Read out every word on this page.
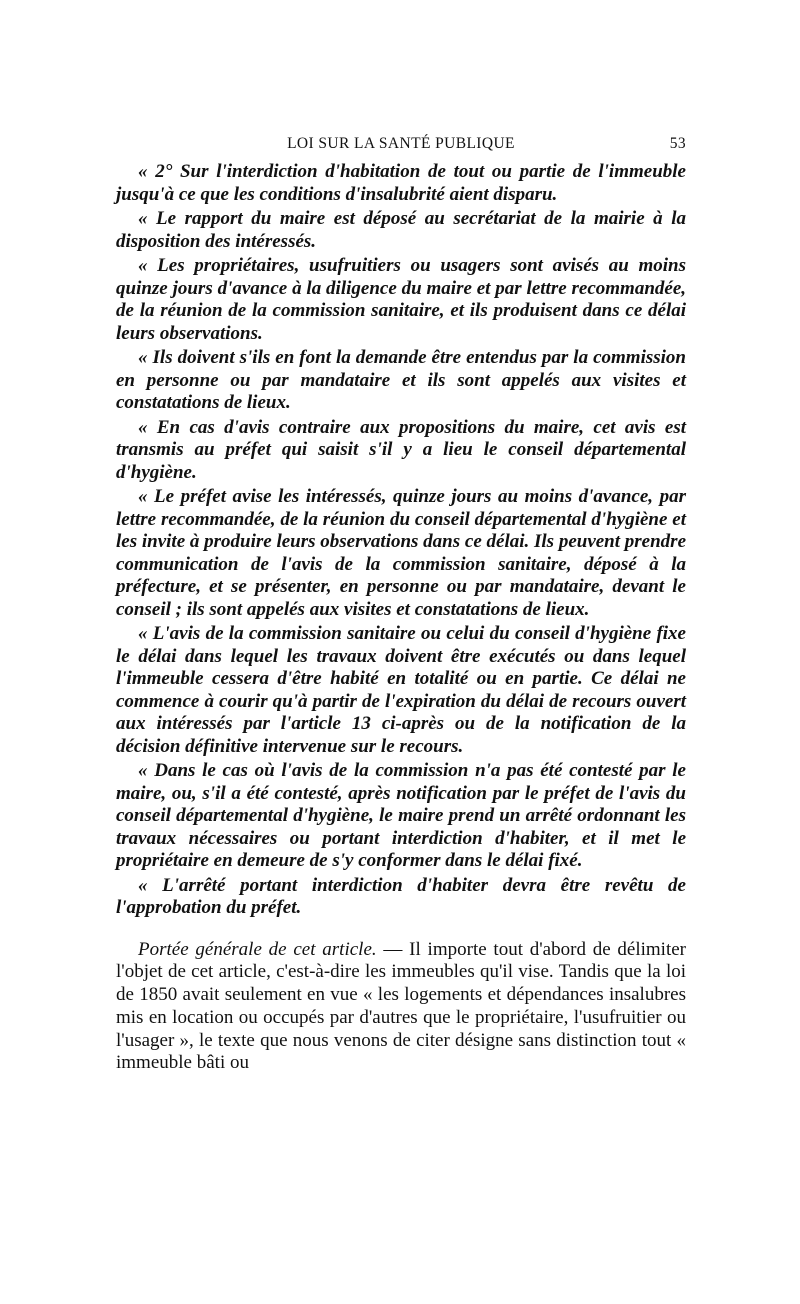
LOI SUR LA SANTÉ PUBLIQUE	53

« 2° Sur l'interdiction d'habitation de tout ou partie de l'immeuble jusqu'à ce que les conditions d'insalubrité aient disparu.

« Le rapport du maire est déposé au secrétariat de la mairie à la disposition des intéressés.

« Les propriétaires, usufruitiers ou usagers sont avisés au moins quinze jours d'avance à la diligence du maire et par lettre recommandée, de la réunion de la commission sanitaire, et ils produisent dans ce délai leurs observations.

« Ils doivent s'ils en font la demande être entendus par la commission en personne ou par mandataire et ils sont appelés aux visites et constatations de lieux.

« En cas d'avis contraire aux propositions du maire, cet avis est transmis au préfet qui saisit s'il y a lieu le conseil départemental d'hygiène.

« Le préfet avise les intéressés, quinze jours au moins d'avance, par lettre recommandée, de la réunion du conseil départemental d'hygiène et les invite à produire leurs observations dans ce délai. Ils peuvent prendre communication de l'avis de la commission sanitaire, déposé à la préfecture, et se présenter, en personne ou par mandataire, devant le conseil ; ils sont appelés aux visites et constatations de lieux.

« L'avis de la commission sanitaire ou celui du conseil d'hygiène fixe le délai dans lequel les travaux doivent être exécutés ou dans lequel l'immeuble cessera d'être habité en totalité ou en partie. Ce délai ne commence à courir qu'à partir de l'expiration du délai de recours ouvert aux intéressés par l'article 13 ci-après ou de la notification de la décision définitive intervenue sur le recours.

« Dans le cas où l'avis de la commission n'a pas été contesté par le maire, ou, s'il a été contesté, après notification par le préfet de l'avis du conseil départemental d'hygiène, le maire prend un arrêté ordonnant les travaux nécessaires ou portant interdiction d'habiter, et il met le propriétaire en demeure de s'y conformer dans le délai fixé.

« L'arrêté portant interdiction d'habiter devra être revêtu de l'approbation du préfet.

Portée générale de cet article. — Il importe tout d'abord de délimiter l'objet de cet article, c'est-à-dire les immeubles qu'il vise. Tandis que la loi de 1850 avait seulement en vue « les logements et dépendances insalubres mis en location ou occupés par d'autres que le propriétaire, l'usufruitier ou l'usager », le texte que nous venons de citer désigne sans distinction tout « immeuble bâti ou
